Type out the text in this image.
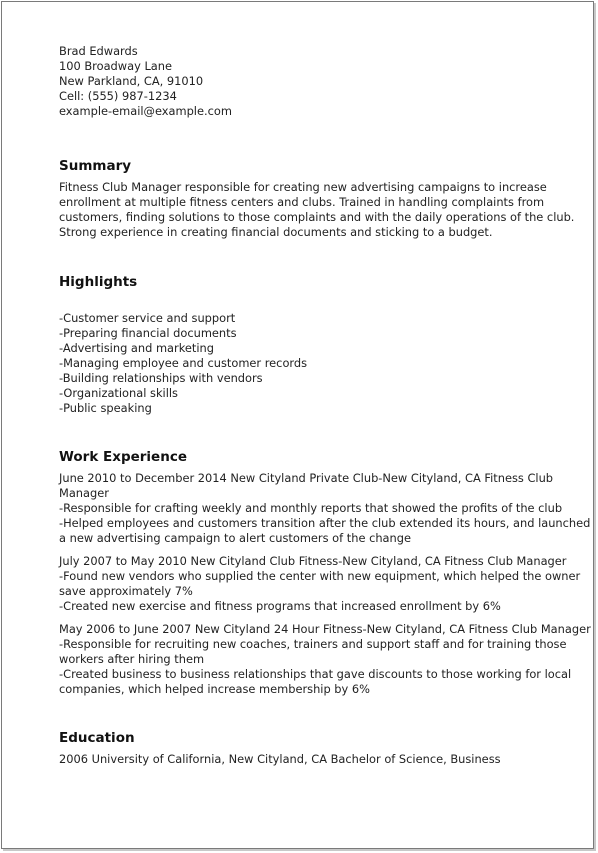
Brad Edwards
100 Broadway Lane
New Parkland, CA, 91010
Cell: (555) 987-1234
example-email@example.com
Summary

Fitness Club Manager responsible for creating new advertising campaigns to increase enrollment at multiple fitness centers and clubs. Trained in handling complaints from customers, finding solutions to those complaints and with the daily operations of the club. Strong experience in creating financial documents and sticking to a budget.

Highlights
-Customer service and support
-Preparing financial documents
-Advertising and marketing
-Managing employee and customer records
-Building relationships with vendors
-Organizational skills
-Public speaking
Work Experience
June 2010 to December 2014 New Cityland Private Club-New Cityland, CA Fitness Club Manager
-Responsible for crafting weekly and monthly reports that showed the profits of the club
-Helped employees and customers transition after the club extended its hours, and launched a new advertising campaign to alert customers of the change
July 2007 to May 2010 New Cityland Club Fitness-New Cityland, CA Fitness Club Manager
-Found new vendors who supplied the center with new equipment, which helped the owner save approximately 7%
-Created new exercise and fitness programs that increased enrollment by 6%
May 2006 to June 2007 New Cityland 24 Hour Fitness-New Cityland, CA Fitness Club Manager
-Responsible for recruiting new coaches, trainers and support staff and for training those workers after hiring them
-Created business to business relationships that gave discounts to those working for local companies, which helped increase membership by 6%
Education

2006 University of California, New Cityland, CA Bachelor of Science, Business
